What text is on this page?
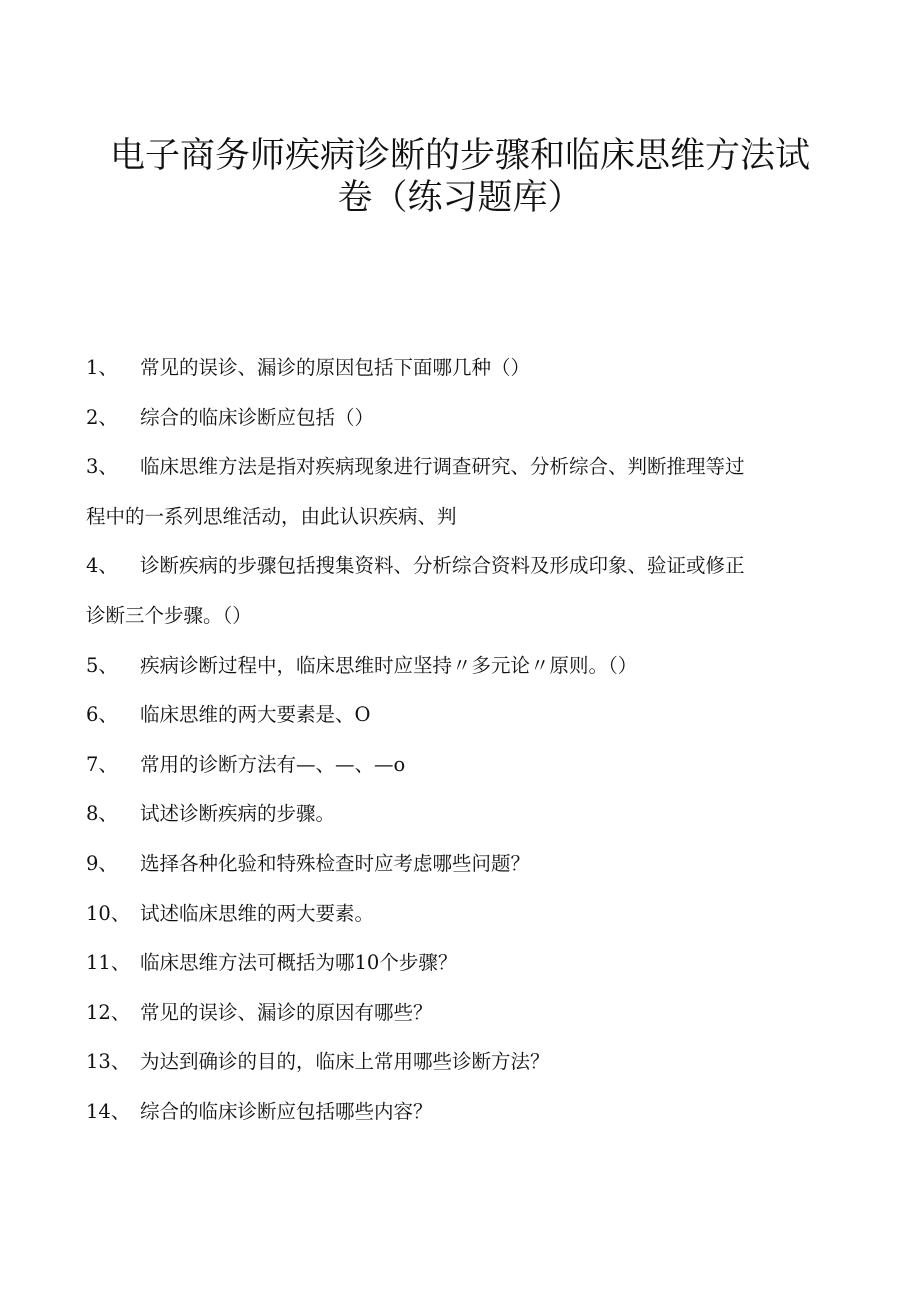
电子商务师疾病诊断的步骤和临床思维方法试
卷（练习题库）
1、 常见的误诊、漏诊的原因包括下面哪几种（）
2、 综合的临床诊断应包括（）
3、 临床思维方法是指对疾病现象进行调查研究、分析综合、判断推理等过
程中的一系列思维活动，由此认识疾病、判
4、 诊断疾病的步骤包括搜集资料、分析综合资料及形成印象、验证或修正
诊断三个步骤。（）
5、 疾病诊断过程中，临床思维时应坚持〃多元论〃原则。（）
6、 临床思维的两大要素是、O
7、 常用的诊断方法有—、—、—o
8、 试述诊断疾病的步骤。
9、 选择各种化验和特殊检查时应考虑哪些问题？
10、 试述临床思维的两大要素。
11、 临床思维方法可概括为哪10个步骤？
12、 常见的误诊、漏诊的原因有哪些？
13、 为达到确诊的目的，临床上常用哪些诊断方法？
14、 综合的临床诊断应包括哪些内容？
